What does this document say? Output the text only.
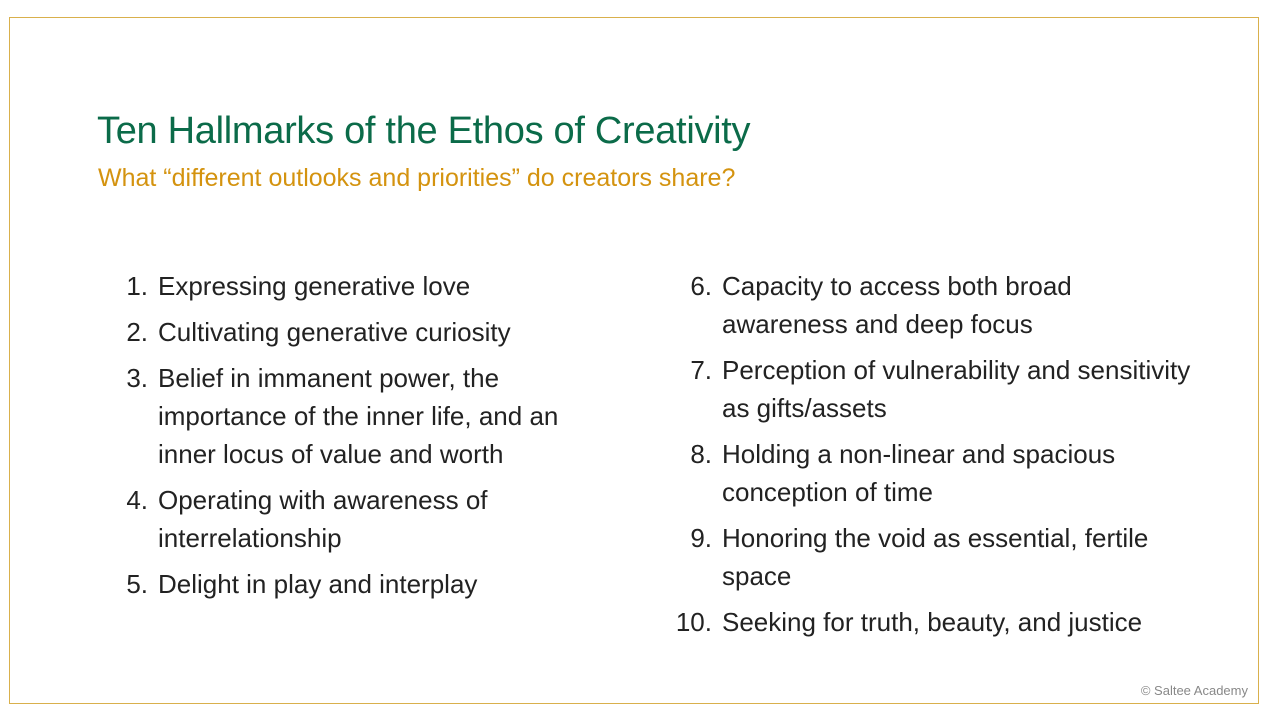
Ten Hallmarks of the Ethos of Creativity
What “different outlooks and priorities” do creators share?
1. Expressing generative love
2. Cultivating generative curiosity
3. Belief in immanent power, the importance of the inner life, and an inner locus of value and worth
4. Operating with awareness of interrelationship
5. Delight in play and interplay
6. Capacity to access both broad awareness and deep focus
7. Perception of vulnerability and sensitivity as gifts/assets
8. Holding a non-linear and spacious conception of time
9. Honoring the void as essential, fertile space
10. Seeking for truth, beauty, and justice
© Saltee Academy
